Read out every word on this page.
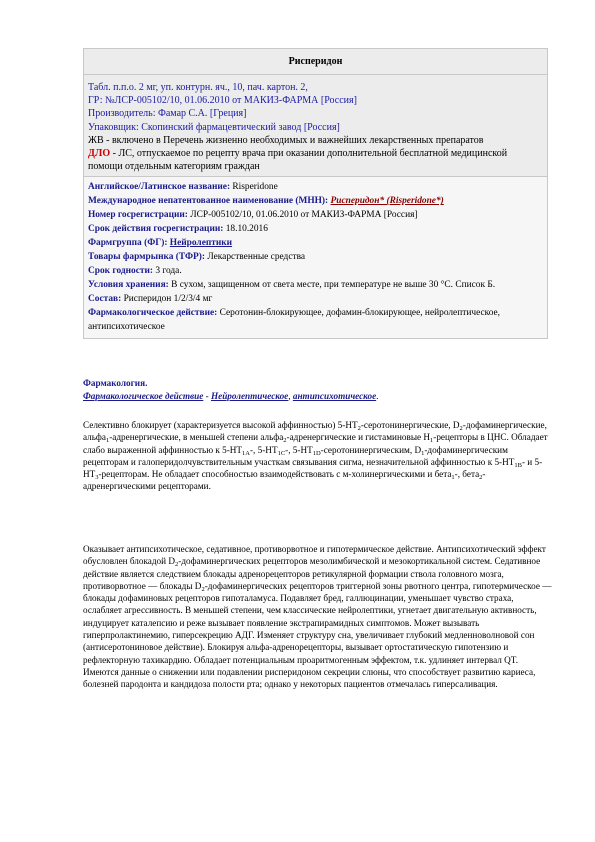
Рисперидон
Табл. п.п.о. 2 мг, уп. контурн. яч., 10, пач. картон. 2,
ГР: №ЛСР-005102/10, 01.06.2010 от МАКИЗ-ФАРМА [Россия]
Производитель: Фамар С.А. [Греция]
Упаковщик: Скопинский фармацевтический завод [Россия]
ЖВ - включено в Перечень жизненно необходимых и важнейших лекарственных препаратов
ДЛО - ЛС, отпускаемое по рецепту врача при оказании дополнительной бесплатной медицинской помощи отдельным категориям граждан
Английское/Латинское название: Risperidone
Международное непатентованное наименование (МНН): Рисперидон* (Risperidone*)
Номер госрегистрации: ЛСР-005102/10, 01.06.2010 от МАКИЗ-ФАРМА [Россия]
Срок действия госрегистрации: 18.10.2016
Фармгруппа (ФГ): Нейролептики
Товары фармрынка (ТФР): Лекарственные средства
Срок годности: 3 года.
Условия хранения: В сухом, защищенном от света месте, при температуре не выше 30 °С. Список Б.
Состав: Рисперидон 1/2/3/4 мг
Фармакологическое действие: Серотонин-блокирующее, дофамин-блокирующее, нейролептическое, антипсихотическое
Фармакология.
Фармакологическое действие - Нейролептическое, антипсихотическое.
Селективно блокирует (характеризуется высокой аффинностью) $5-HT_2$-серотонинергические, $D_2$-дофаминергические, альфа$_1$-адренергические, в меньшей степени альфа$_2$-адренергические и гистаминовые $H_1$-рецепторы в ЦНС. Обладает слабо выраженной аффинностью к $5-HT_{1A}-$, $5-HT_{1C}-$, $5-HT_{1D}$-серотонинергическим, $D_1$-дофаминергическим рецепторам и галоперидолчувствительным участкам связывания сигма, незначительной аффинностью к $5-HT_{1B}-$ и $5-HT_3$-рецепторам. Не обладает способностью взаимодействовать с м-холинергическими и бета$_1$-, бета$_2$-адренергическими рецепторами.
Оказывает антипсихотическое, седативное, противорвотное и гипотермическое действие. Антипсихотический эффект обусловлен блокадой $D_2$-дофаминергических рецепторов мезолимбической и мезокортикальной систем. Седативное действие является следствием блокады адренорецепторов ретикулярной формации ствола головного мозга, противорвотное — блокады $D_2$-дофаминергических рецепторов триггерной зоны рвотного центра, гипотермическое — блокады дофаминовых рецепторов гипоталамуса. Подавляет бред, галлюцинации, уменьшает чувство страха, ослабляет агрессивность. В меньшей степени, чем классические нейролептики, угнетает двигательную активность, индуцирует каталепсию и реже вызывает появление экстрапирамидных симптомов. Может вызывать гиперпролактинемию, гиперсекрецию АДГ. Изменяет структуру сна, увеличивает глубокий медленноволновой сон (антисеротониновое действие). Блокируя альфа-адренорецепторы, вызывает ортостатическую гипотензию и рефлекторную тахикардию. Обладает потенциальным проаритмогенным эффектом, т.к. удлиняет интервал QT. Имеются данные о снижении или подавлении рисперидоном секреции слюны, что способствует развитию кариеса, болезней пародонта и кандидоза полости рта; однако у некоторых пациентов отмечалась гиперсаливация.
